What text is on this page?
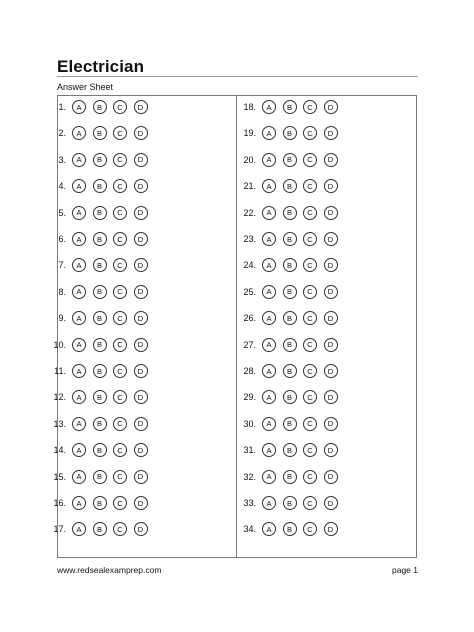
Electrician
Answer Sheet
1.	A	B	C	D
2.	A	B	C	D
3.	A	B	C	D
4.	A	B	C	D
5.	A	B	C	D
6.	A	B	C	D
7.	A	B	C	D
8.	A	B	C	D
9.	A	B	C	D
10.	A	B	C	D
11.	A	B	C	D
12.	A	B	C	D
13.	A	B	C	D
14.	A	B	C	D
15.	A	B	C	D
16.	A	B	C	D
17.	A	B	C	D
18.	A	B	C	D
19.	A	B	C	D
20.	A	B	C	D
21.	A	B	C	D
22.	A	B	C	D
23.	A	B	C	D
24.	A	B	C	D
25.	A	B	C	D
26.	A	B	C	D
27.	A	B	C	D
28.	A	B	C	D
29.	A	B	C	D
30.	A	B	C	D
31.	A	B	C	D
32.	A	B	C	D
33.	A	B	C	D
34.	A	B	C	D
www.redsealexamprep.com	page 1
